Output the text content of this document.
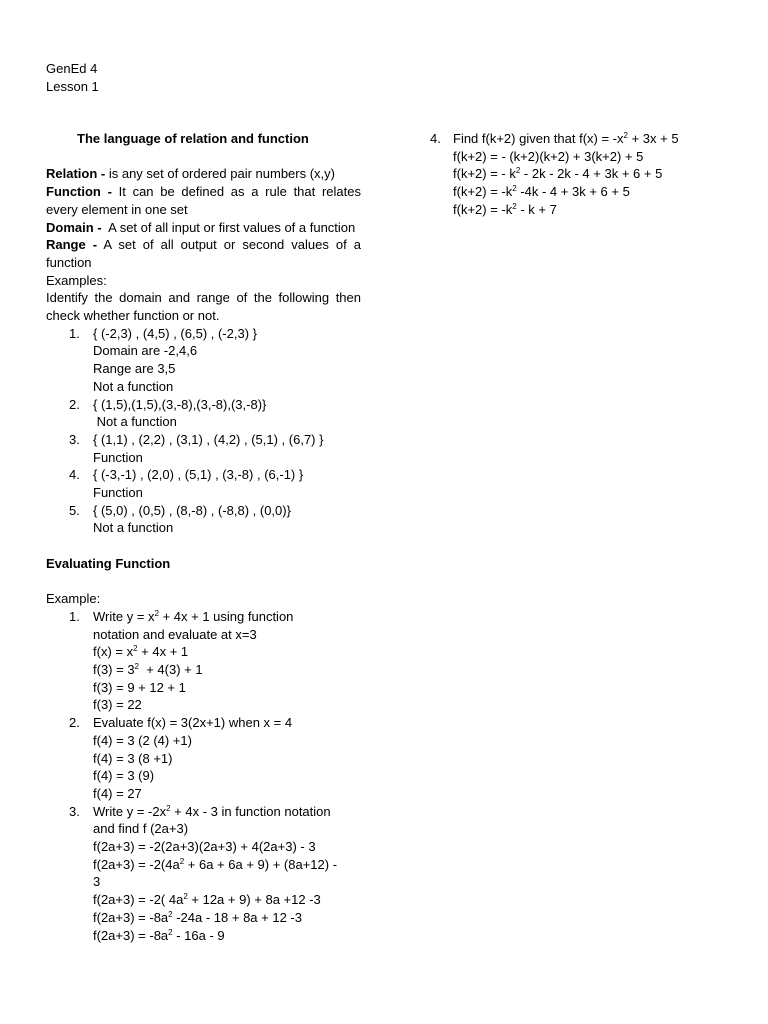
GenEd 4
Lesson 1
The language of relation and function
Relation - is any set of ordered pair numbers (x,y)
Function - It can be defined as a rule that relates every element in one set
Domain -  A set of all input or first values of a function
Range - A set of all output or second values of a function
Examples:
Identify the domain and range of the following then check whether function or not.
1. { (-2,3) , (4,5) , (6,5) , (-2,3) }
Domain are -2,4,6
Range are 3,5
Not a function
2. { (1,5),(1,5),(3,-8),(3,-8),(3,-8)}
Not a function
3. { (1,1) , (2,2) , (3,1) , (4,2) , (5,1) , (6,7) }
Function
4. { (-3,-1) , (2,0) , (5,1) , (3,-8) , (6,-1) }
Function
5. { (5,0) , (0,5) , (8,-8) , (-8,8) , (0,0)}
Not a function
Evaluating Function
Example:
1. Write $y = x^2 + 4x + 1$ using function
notation and evaluate at x=3
$f(x) = x^2 + 4x + 1$
$f(3) = 3^2 + 4(3) + 1$
f(3) = 9 + 12 + 1
f(3) = 22
2. Evaluate f(x) = 3(2x+1) when x = 4
f(4) = 3 (2 (4) +1)
f(4) = 3 (8 +1)
f(4) = 3 (9)
f(4) = 27
3. Write $y = -2x^2 + 4x - 3$ in function notation
and find f (2a+3)
f(2a+3) = -2(2a+3)(2a+3) + 4(2a+3) - 3
$f(2a+3) = -2(4a^2 + 6a + 6a + 9) + (8a+12)$ -
3
f(2a+3) = -2( $4a^2 + 12a + 9) + 8a +12$ -3
$f(2a+3) = -8a^2$ -24a - 18 + 8a + 12 -3
$f(2a+3) = -8a^2 - 16a - 9$
4. Find f(k+2) given that $f(x) = -x^2 + 3x + 5$
f(k+2) = - (k+2)(k+2) + 3(k+2) + 5
f(k+2) = - $k^2 - 2k - 2k - 4 + 3k + 6 + 5$
$f(k+2) = -k^2$ -4k - 4 + 3k + 6 + 5
$f(k+2) = -k^2 - k + 7$
